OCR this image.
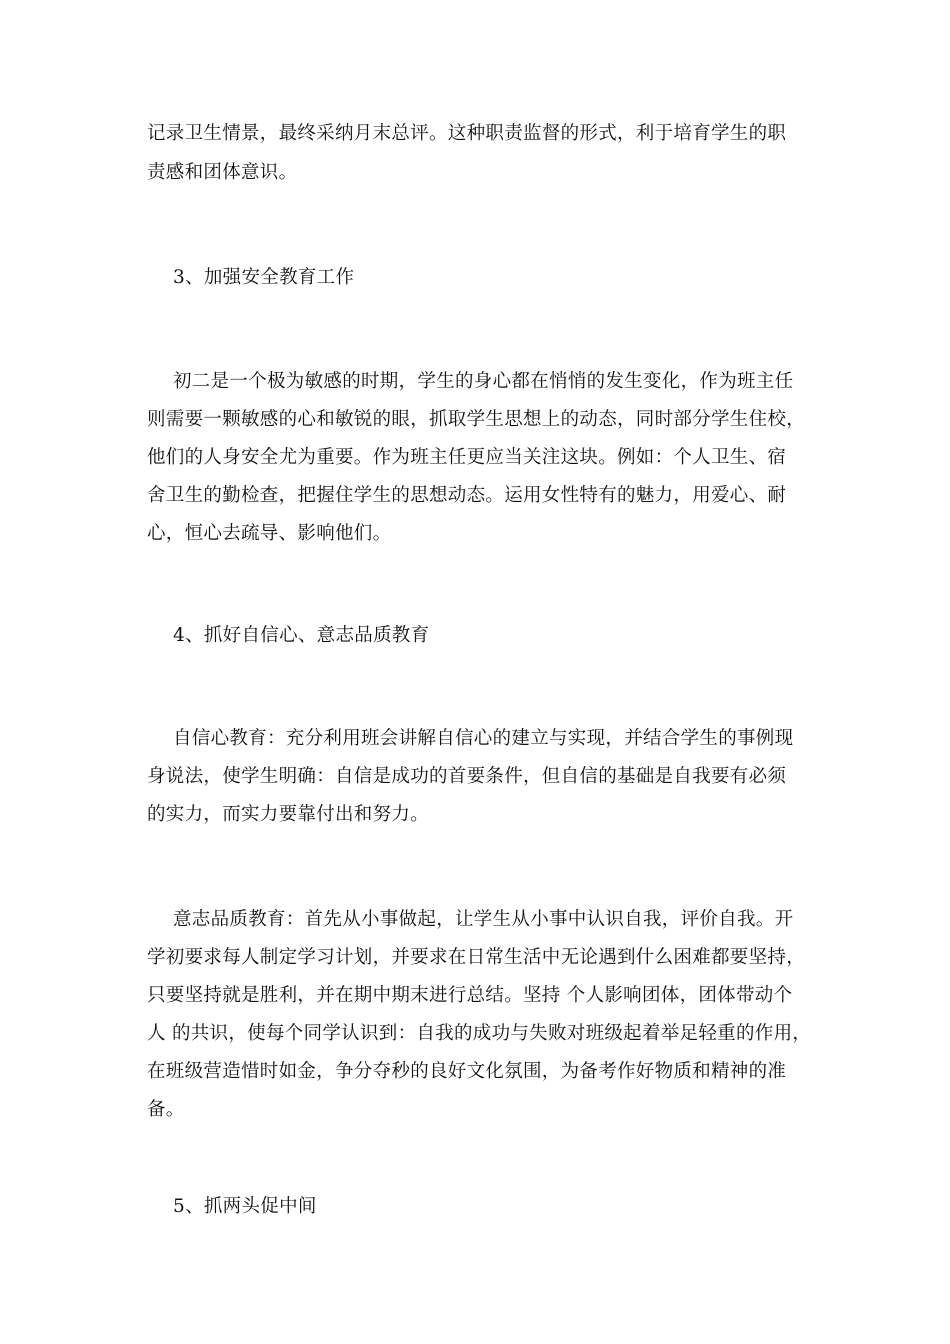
记录卫生情景，最终采纳月末总评。这种职责监督的形式，利于培育学生的职
责感和团体意识。
3、加强安全教育工作
初二是一个极为敏感的时期，学生的身心都在悄悄的发生变化，作为班主任
则需要一颗敏感的心和敏锐的眼，抓取学生思想上的动态，同时部分学生住校，
他们的人身安全尤为重要。作为班主任更应当关注这块。例如：个人卫生、宿
舍卫生的勤检查，把握住学生的思想动态。运用女性特有的魅力，用爱心、耐
心，恒心去疏导、影响他们。
4、抓好自信心、意志品质教育
自信心教育：充分利用班会讲解自信心的建立与实现，并结合学生的事例现
身说法，使学生明确：自信是成功的首要条件，但自信的基础是自我要有必须
的实力，而实力要靠付出和努力。
意志品质教育：首先从小事做起，让学生从小事中认识自我，评价自我。开
学初要求每人制定学习计划，并要求在日常生活中无论遇到什么困难都要坚持，
只要坚持就是胜利，并在期中期末进行总结。坚持 个人影响团体，团体带动个
人 的共识，使每个同学认识到：自我的成功与失败对班级起着举足轻重的作用，
在班级营造惜时如金，争分夺秒的良好文化氛围，为备考作好物质和精神的准
备。
5、抓两头促中间
